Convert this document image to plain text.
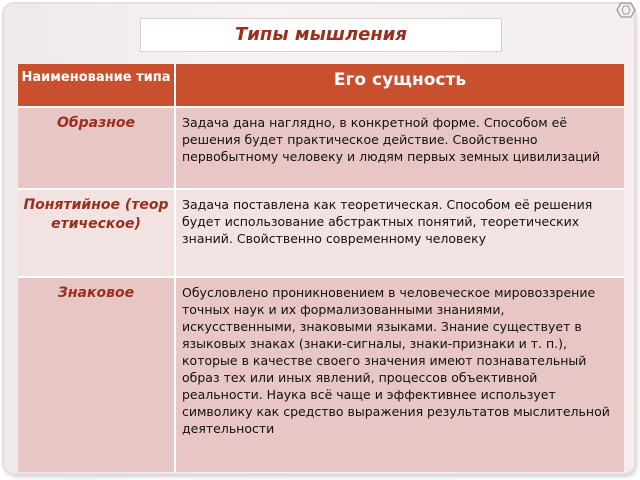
Типы мышления
Наименование типа	Его сущность
Образное	Задача дана наглядно, в конкретной форме. Способом её решения будет практическое действие. Свойственно первобытному человеку и людям первых земных цивилизаций
Понятийное (теоретическое)	Задача поставлена как теоретическая. Способом её решения будет использование абстрактных понятий, теоретических знаний. Свойственно современному человеку
Знаковое	Обусловлено проникновением в человеческое мировоззрение точных наук и их формализованными знаниями, искусственными, знаковыми языками. Знание существует в языковых знаках (знаки-сигналы, знаки-признаки и т. п.), которые в качестве своего значения имеют познавательный образ тех или иных явлений, процессов объективной реальности. Наука всё чаще и эффективнее использует символику как средство выражения результатов мыслительной деятельности
